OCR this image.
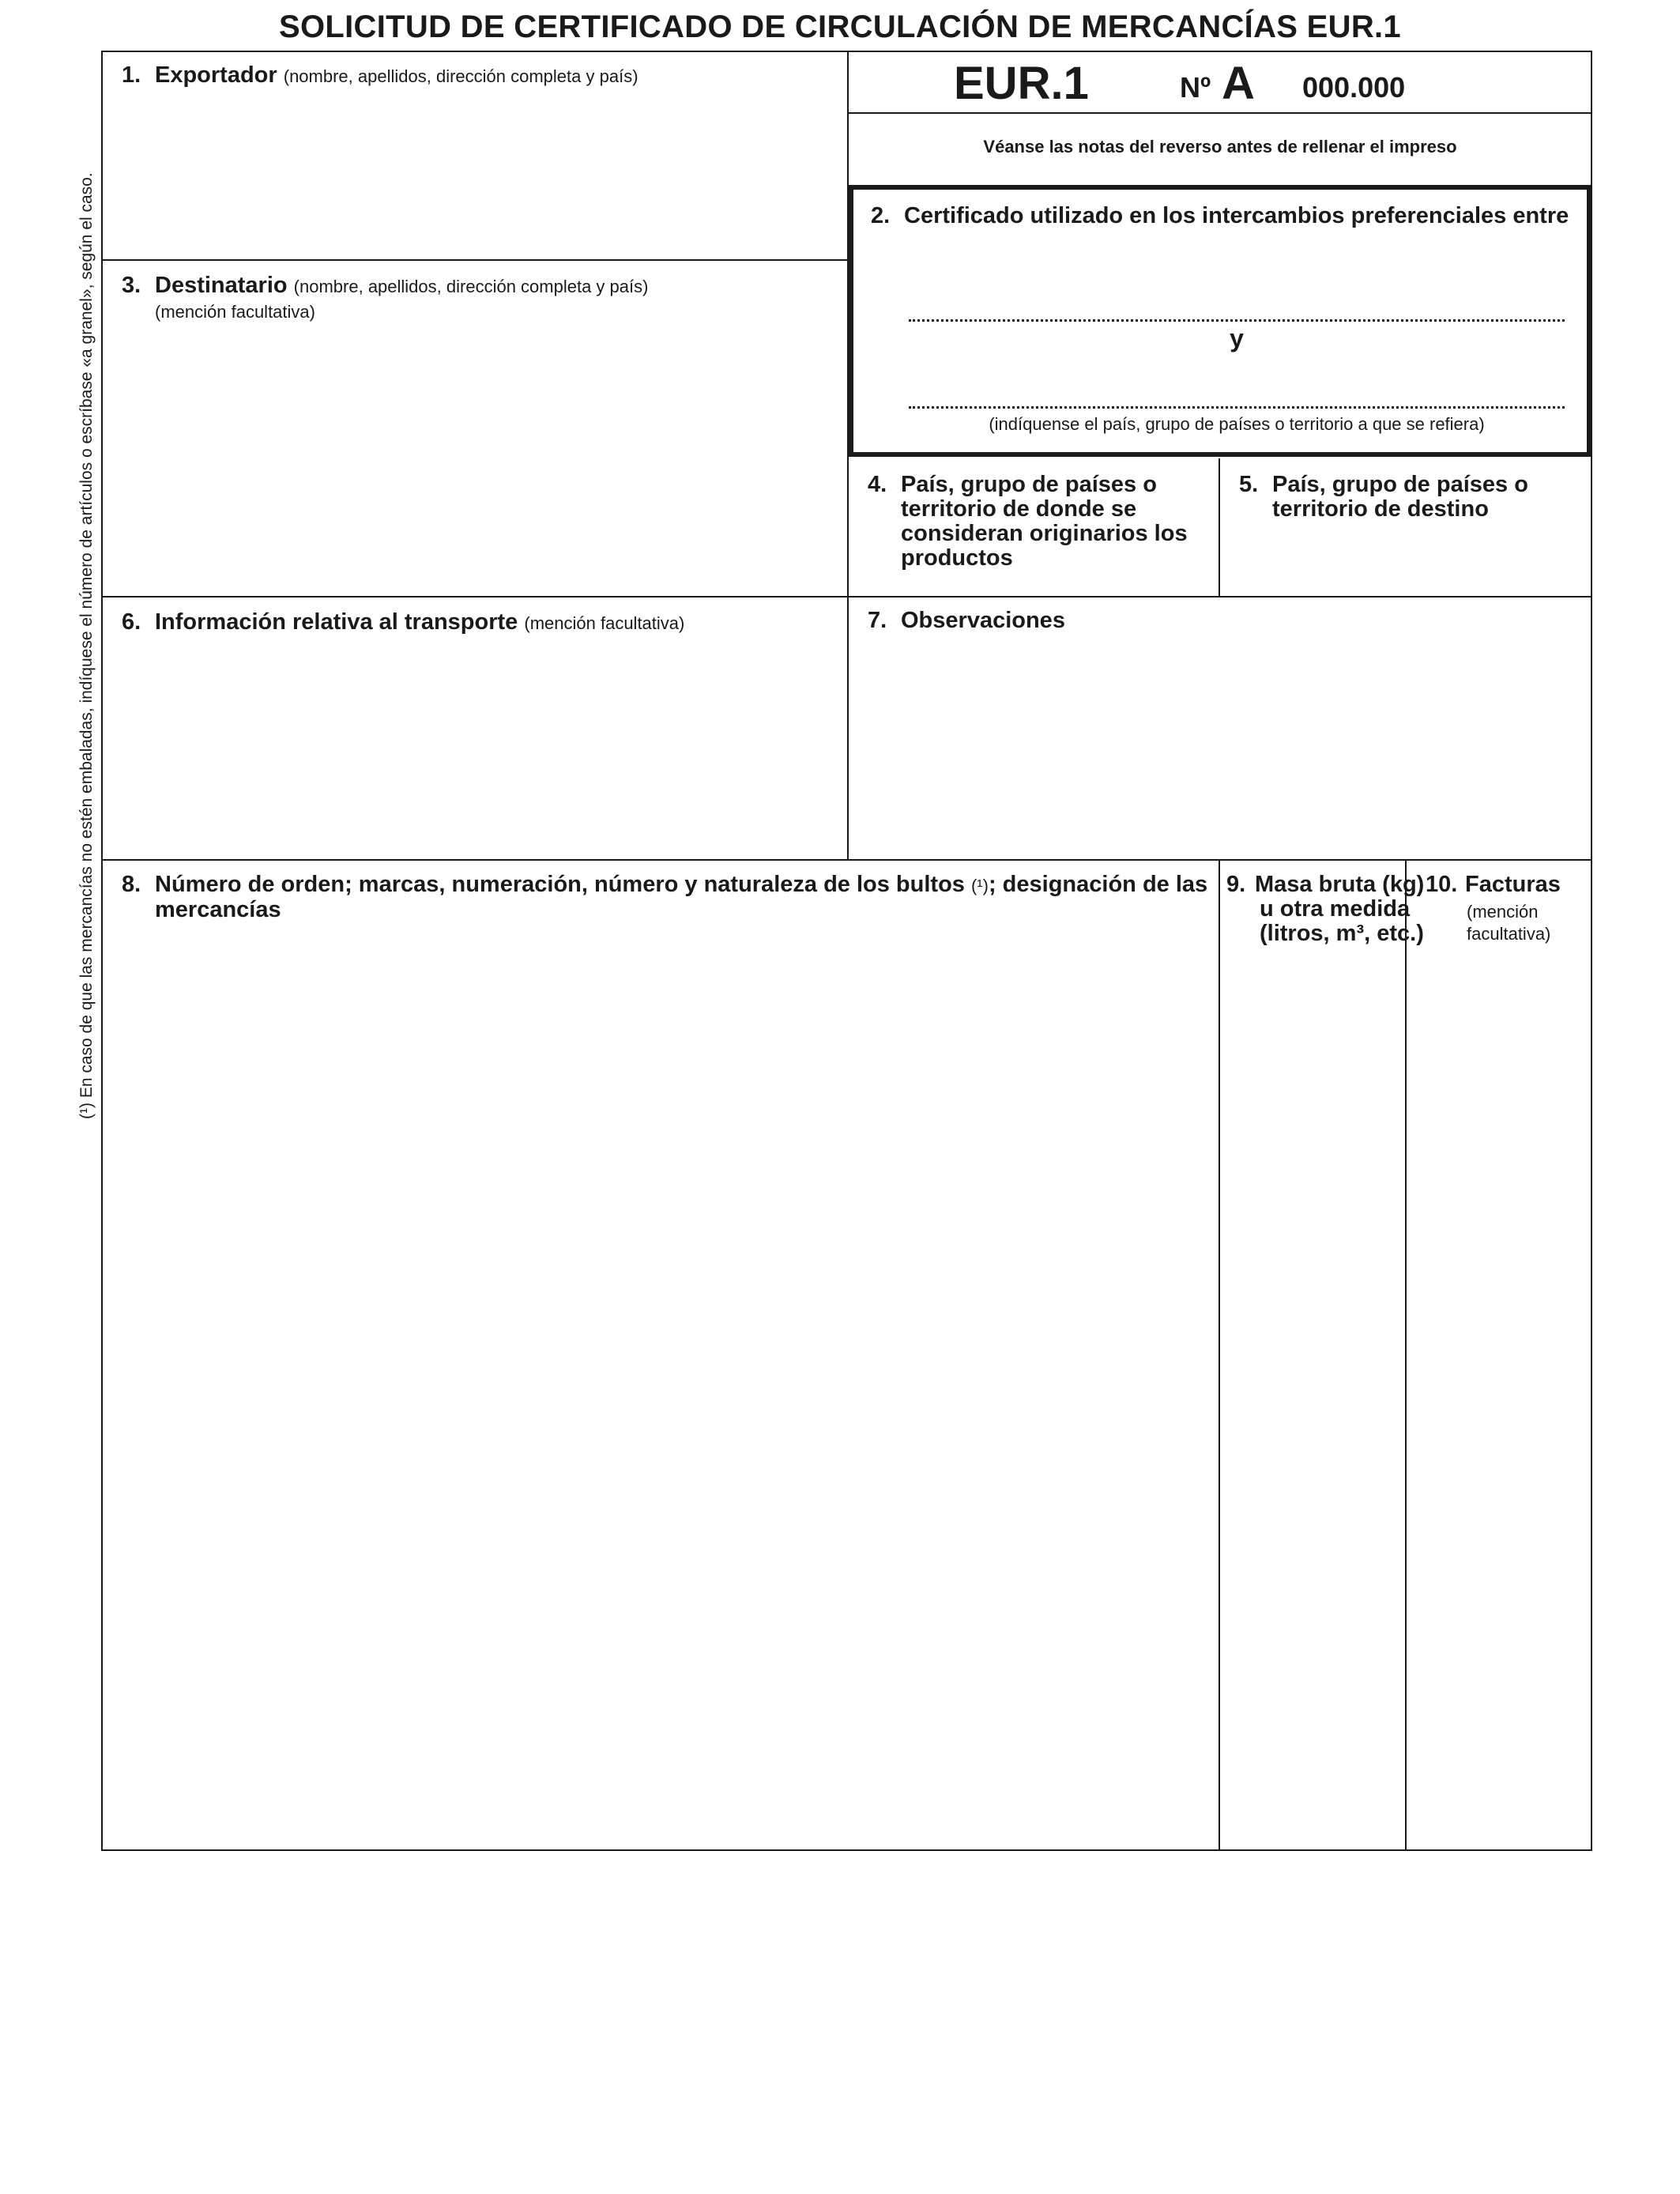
SOLICITUD DE CERTIFICADO DE CIRCULACIÓN DE MERCANCÍAS EUR.1
(¹) En caso de que las mercancías no estén embaladas, indíquese el número de artículos o escríbase «a granel», según el caso.
EUR.1	Nº A 000.000
Véanse las notas del reverso antes de rellenar el impreso
2. Certificado utilizado en los intercambios preferenciales entre
y
(indíquense el país, grupo de países o territorio a que se refiera)
1. Exportador (nombre, apellidos, dirección completa y país)
3. Destinatario (nombre, apellidos, dirección completa y país)
(mención facultativa)
4. País, grupo de países o territorio de donde se consideran originarios los productos
5. País, grupo de países o territorio de destino
6. Información relativa al transporte (mención facultativa)	7. Observaciones
8. Número de orden; marcas, numeración, número y naturaleza de los bultos (¹); designación de las mercancías
9. Masa bruta (kg) u otra medida (litros, m³, etc.)
10. Facturas
(mención facultativa)
